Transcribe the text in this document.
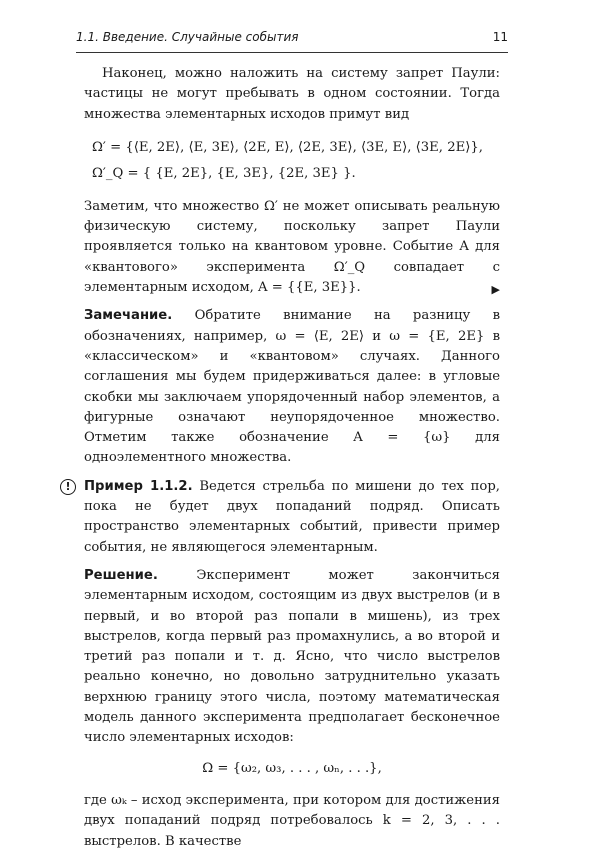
1.1. Введение. Случайные события	11

Наконец, можно наложить на систему запрет Паули: частицы не могут пребывать в одном состоянии. Тогда множества элементарных исходов примут вид

Ω′ = {⟨E, 2E⟩, ⟨E, 3E⟩, ⟨2E, E⟩, ⟨2E, 3E⟩, ⟨3E, E⟩, ⟨3E, 2E⟩},
Ω′_Q = { {E, 2E}, {E, 3E}, {2E, 3E} }.

Заметим, что множество Ω′ не может описывать реальную физическую систему, поскольку запрет Паули проявляется только на квантовом уровне. Событие A для «квантового» эксперимента Ω′_Q совпадает с элементарным исходом, A = {{E, 3E}}.	▶

Замечание. Обратите внимание на разницу в обозначениях, например, ω = ⟨E, 2E⟩ и ω = {E, 2E} в «классическом» и «квантовом» случаях. Данного соглашения мы будем придерживаться далее: в угловые скобки мы заключаем упорядоченный набор элементов, а фигурные означают неупорядоченное множество. Отметим также обозначение A = {ω} для одноэлементного множества.

!	Пример 1.1.2. Ведется стрельба по мишени до тех пор, пока не будет двух попаданий подряд. Описать пространство элементарных событий, привести пример события, не являющегося элементарным.

Решение.	Эксперимент может закончиться элементарным исходом, состоящим из двух выстрелов (и в первый, и во второй раз попали в мишень), из трех выстрелов, когда первый раз промахнулись, а во второй и третий раз попали и т. д. Ясно, что число выстрелов реально конечно, но довольно затруднительно указать верхнюю границу этого числа, поэтому математическая модель данного эксперимента предполагает бесконечное число элементарных исходов:

Ω = {ω₂, ω₃, . . . , ωₙ, . . .},

где ωₖ – исход эксперимента, при котором для достижения двух попаданий подряд потребовалось k = 2, 3, . . . выстрелов. В качестве
